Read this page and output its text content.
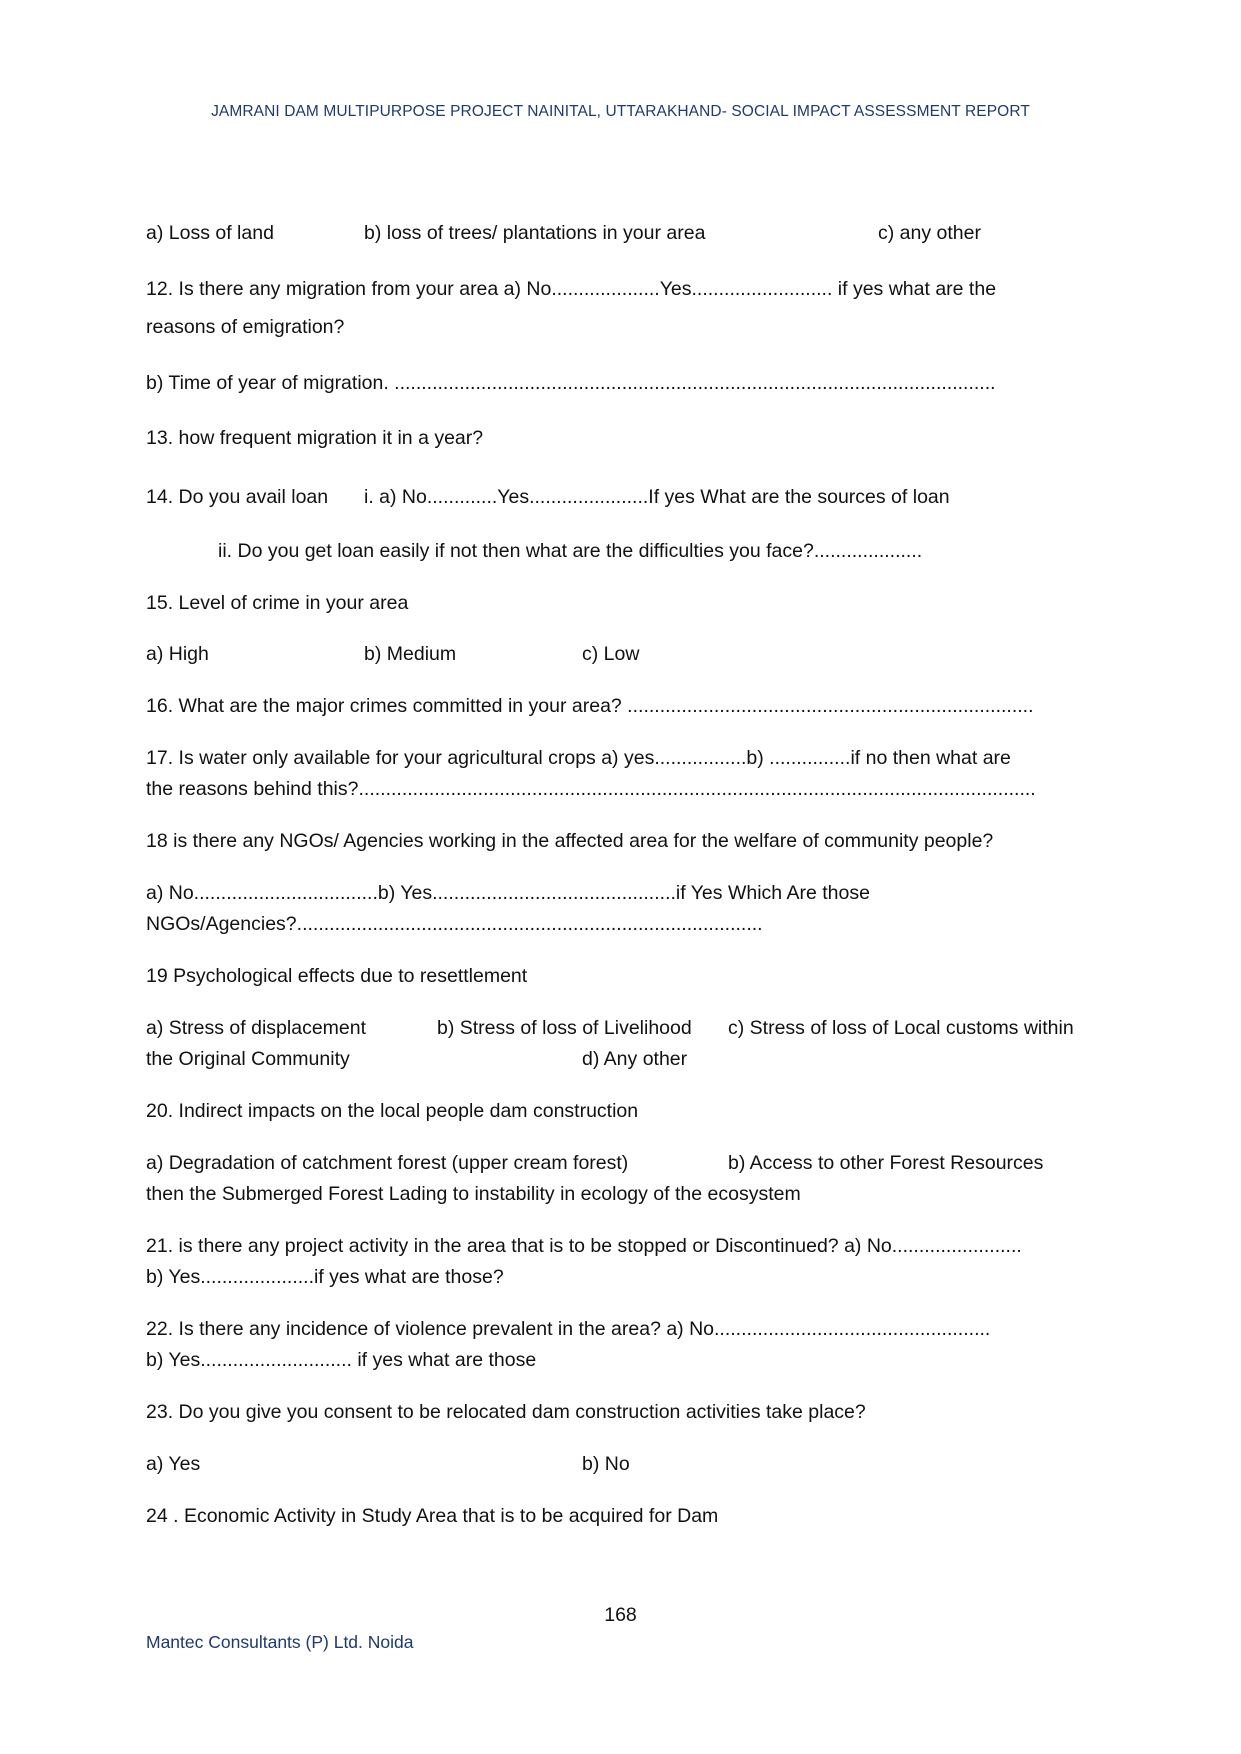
JAMRANI DAM MULTIPURPOSE PROJECT NAINITAL, UTTARAKHAND- SOCIAL IMPACT ASSESSMENT REPORT
a) Loss of land	b) loss of trees/ plantations in your area	c) any other
12. Is there any migration from your area a) No....................Yes.......................... if yes what are the
reasons of emigration?
b) Time of year of migration. ...............................................................................................................
13. how frequent migration it in a year?
14. Do you avail loan i. a) No.............Yes......................If yes What are the sources of loan
ii. Do you get loan easily if not then what are the difficulties you face?....................
15. Level of crime in your area
a) High	b) Medium	c) Low
16. What are the major crimes committed in your area? ...........................................................................
17. Is water only available for your agricultural crops a) yes.................b) ...............if no then what are
the reasons behind this?.............................................................................................................................
18 is there any NGOs/ Agencies working in the affected area for the welfare of community people?
a) No..................................b) Yes.............................................if Yes Which Are those
NGOs/Agencies?......................................................................................
19 Psychological effects due to resettlement
a) Stress of displacement	b) Stress of loss of Livelihood c) Stress of loss of Local customs within
the Original Community	d) Any other
20. Indirect impacts on the local people dam construction
a) Degradation of catchment forest (upper cream forest)	b) Access to other Forest Resources
then the Submerged Forest Lading to instability in ecology of the ecosystem
21. is there any project activity in the area that is to be stopped or Discontinued? a) No........................
b) Yes.....................if yes what are those?
22. Is there any incidence of violence prevalent in the area? a) No...................................................
b) Yes............................ if yes what are those
23. Do you give you consent to be relocated dam construction activities take place?
a) Yes	b) No
24 . Economic Activity in Study Area that is to be acquired for Dam
168
Mantec Consultants (P) Ltd. Noida
